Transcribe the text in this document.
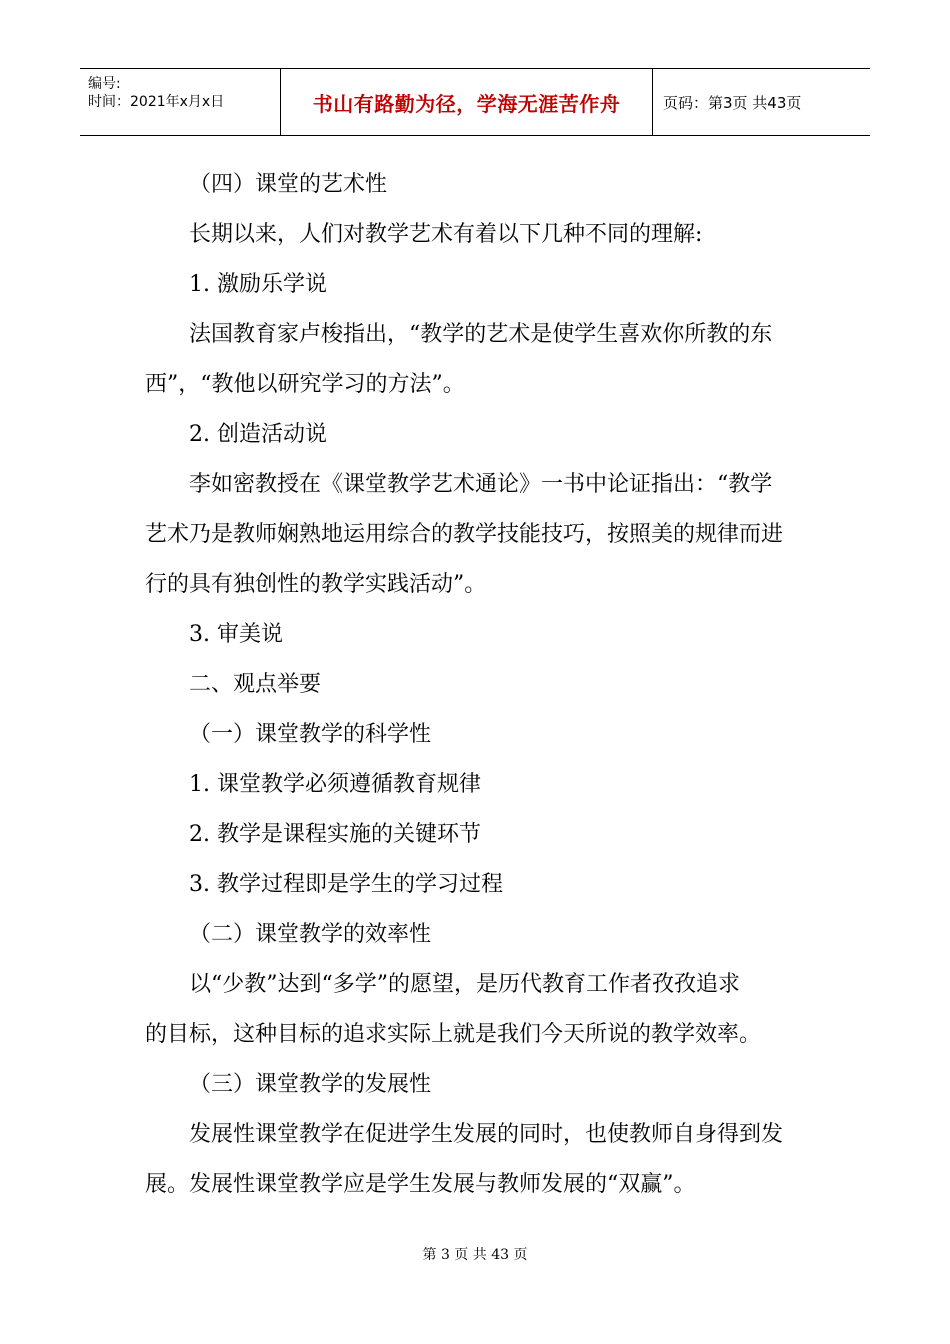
编号:
时间：2021年x月x日	书山有路勤为径，学海无涯苦作舟	页码：第3页 共43页

（四）课堂的艺术性

长期以来，人们对教学艺术有着以下几种不同的理解:

1. 激励乐学说

法国教育家卢梭指出，“教学的艺术是使学生喜欢你所教的东

西”，“教他以研究学习的方法”。

2. 创造活动说

李如密教授在《课堂教学艺术通论》一书中论证指出：“教学

艺术乃是教师娴熟地运用综合的教学技能技巧，按照美的规律而进

行的具有独创性的教学实践活动”。

3. 审美说

二、观点举要

（一）课堂教学的科学性

1. 课堂教学必须遵循教育规律

2. 教学是课程实施的关键环节

3. 教学过程即是学生的学习过程

（二）课堂教学的效率性

以“少教”达到“多学”的愿望，是历代教育工作者孜孜追求

的目标，这种目标的追求实际上就是我们今天所说的教学效率。

（三）课堂教学的发展性

发展性课堂教学在促进学生发展的同时，也使教师自身得到发

展。发展性课堂教学应是学生发展与教师发展的“双赢”。

第 3 页 共 43 页
